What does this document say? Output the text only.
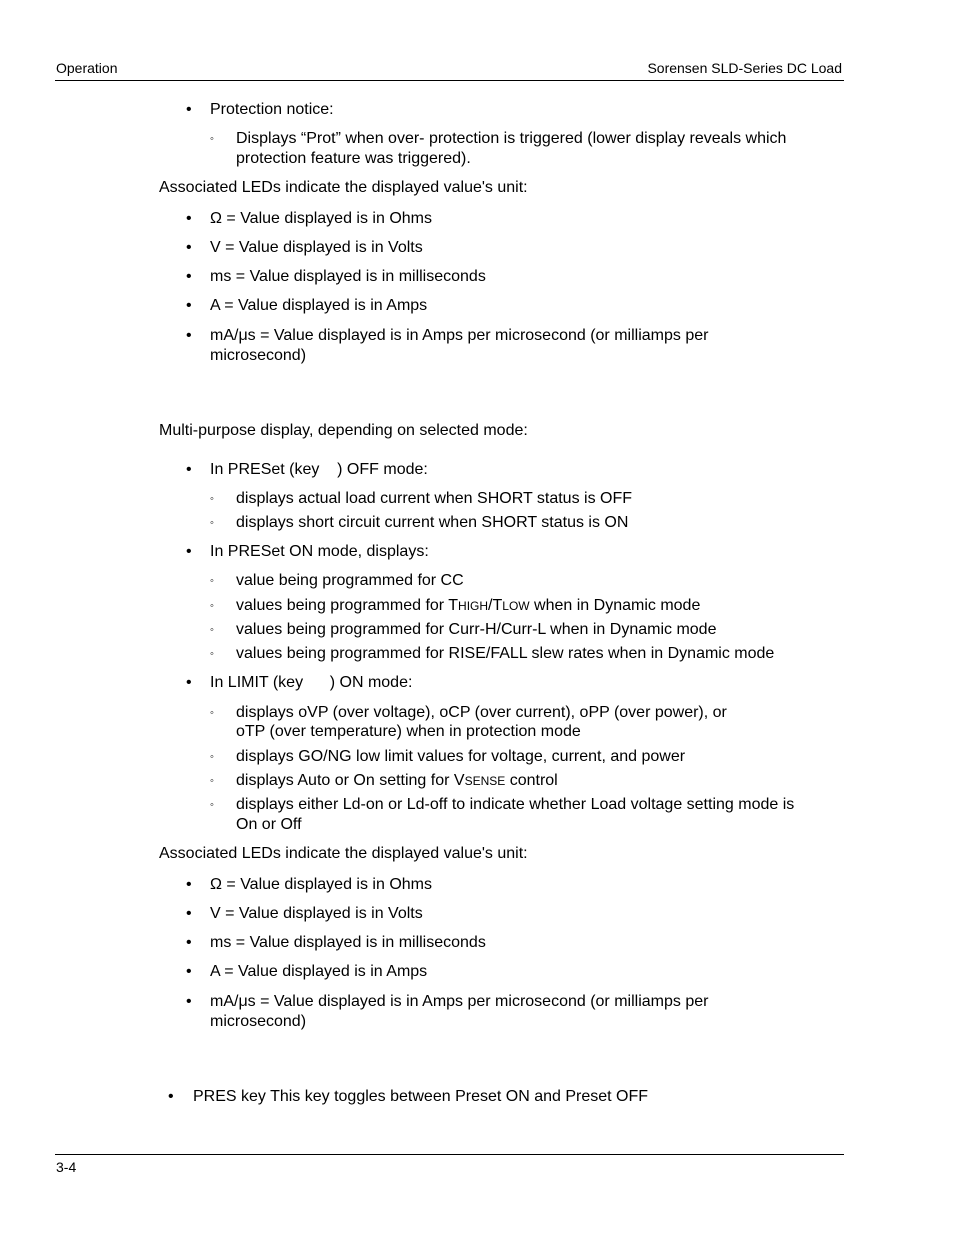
Operation	Sorensen SLD-Series DC Load
• Protection notice:
◦ Displays “Prot” when over- protection is triggered (lower display reveals which
protection feature was triggered).
Associated LEDs indicate the displayed value's unit:
• Ω = Value displayed is in Ohms
• V = Value displayed is in Volts
• ms = Value displayed is in milliseconds
• A = Value displayed is in Amps
• mA/μs = Value displayed is in Amps per microsecond (or milliamps per
microsecond)
Multi-purpose display, depending on selected mode:
• In PRESet (key    ) OFF mode:
◦ displays actual load current when SHORT status is OFF
◦ displays short circuit current when SHORT status is ON
• In PRESet ON mode, displays:
◦ value being programmed for CC
◦ values being programmed for THIGH/TLOW when in Dynamic mode
◦ values being programmed for Curr-H/Curr-L when in Dynamic mode
◦ values being programmed for RISE/FALL slew rates when in Dynamic mode
• In LIMIT (key      ) ON mode:
◦ displays oVP (over voltage), oCP (over current), oPP (over power), or
oTP (over temperature) when in protection mode
◦ displays GO/NG low limit values for voltage, current, and power
◦ displays Auto or On setting for VSENSE control
◦ displays either Ld-on or Ld-off to indicate whether Load voltage setting mode is
On or Off
Associated LEDs indicate the displayed value's unit:
• Ω = Value displayed is in Ohms
• V = Value displayed is in Volts
• ms = Value displayed is in milliseconds
• A = Value displayed is in Amps
• mA/μs = Value displayed is in Amps per microsecond (or milliamps per
microsecond)
• PRES key This key toggles between Preset ON and Preset OFF
3-4
